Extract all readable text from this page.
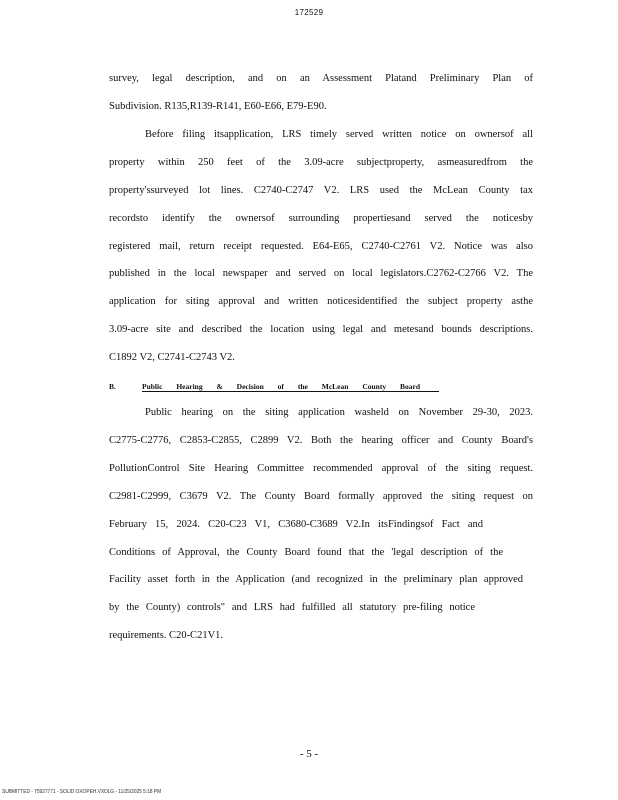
172529
survey, legal description, and on an Assessment Platand Preliminary Plan of
Subdivision. R135,R139-R141, E60-E66, E79-E90.
Before filing itsapplication, LRS timely served written notice on ownersof all
property within 250 feet of the 3.09-acre subjectproperty, asmeasuredfrom the
property'ssurveyed lot lines. C2740-C2747 V2. LRS used the McLean County tax
recordsto identify the ownersof surrounding propertiesand served the noticesby
registered mail, return receipt requested. E64-E65, C2740-C2761 V2. Notice was also
published in the local newspaper and served on local legislators.C2762-C2766 V2. The
application for siting approval and written noticesidentified the subject property asthe
3.09-acre site and described the location using legal and metesand bounds descriptions.
C1892 V2, C2741-C2743 V2.
B.	Public Hearing & Decision of the McLean County Board
Public hearing on the siting application washeld on November 29-30, 2023.
C2775-C2776, C2853-C2855, C2899 V2. Both the hearing officer and County Board's
PollutionControl Site Hearing Committee recommended approval of the siting request.
C2981-C2999, C3679 V2. The County Board formally approved the siting request on
February 15, 2024. C20-C23 V1, C3680-C3689 V2.In itsFindingsof Fact and
Conditions of Approval, the County Board found that the 'legal description of the
Facility asset forth in the Application (and recognized in the preliminary plan approved
by the County) controls" and LRS had fulfilled all statutory pre-filing notice
requirements. C20-C21V1.
- 5 -
SUBMITTED - 75927771 - SOLID OXOPEH.VXDLG - 11/25/2025 5:18 PM
